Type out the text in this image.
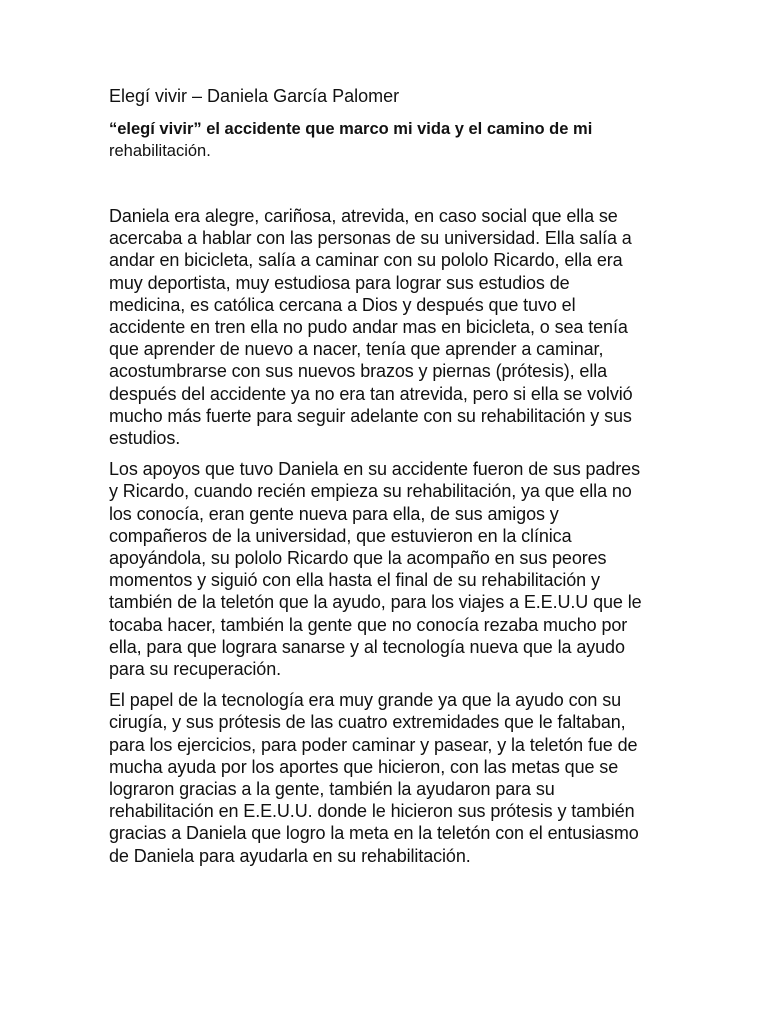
Elegí vivir – Daniela García Palomer

“elegí vivir” el accidente que marco mi vida y el camino de mi
rehabilitación.

Daniela era alegre, cariñosa, atrevida, en caso social que ella se
acercaba a hablar con las personas de su universidad. Ella salía a
andar en bicicleta, salía a caminar con su pololo Ricardo, ella era
muy deportista, muy estudiosa para lograr sus estudios de
medicina, es católica cercana a Dios y después que tuvo el
accidente en tren ella no pudo andar mas en bicicleta, o sea tenía
que aprender de nuevo a nacer, tenía que aprender a caminar,
acostumbrarse con sus nuevos brazos y piernas (prótesis), ella
después del accidente ya no era tan atrevida, pero si ella se volvió
mucho más fuerte para seguir adelante con su rehabilitación y sus
estudios.

Los apoyos que tuvo Daniela en su accidente fueron de sus padres
y Ricardo, cuando recién empieza su rehabilitación, ya que ella no
los conocía, eran gente nueva para ella, de sus amigos y
compañeros de la universidad, que estuvieron en la clínica
apoyándola, su pololo Ricardo que la acompaño en sus peores
momentos y siguió con ella hasta el final de su rehabilitación y
también de la teletón que la ayudo, para los viajes a E.E.U.U que le
tocaba hacer, también la gente que no conocía rezaba mucho por
ella, para que lograra sanarse y al tecnología nueva que la ayudo
para su recuperación.

El papel de la tecnología era muy grande ya que la ayudo con su
cirugía, y sus prótesis de las cuatro extremidades que le faltaban,
para los ejercicios, para poder caminar y pasear, y la teletón fue de
mucha ayuda por los aportes que hicieron, con las metas que se
lograron gracias a la gente, también la ayudaron para su
rehabilitación en E.E.U.U. donde le hicieron sus prótesis y también
gracias a Daniela que logro la meta en la teletón con el entusiasmo
de Daniela para ayudarla en su rehabilitación.
